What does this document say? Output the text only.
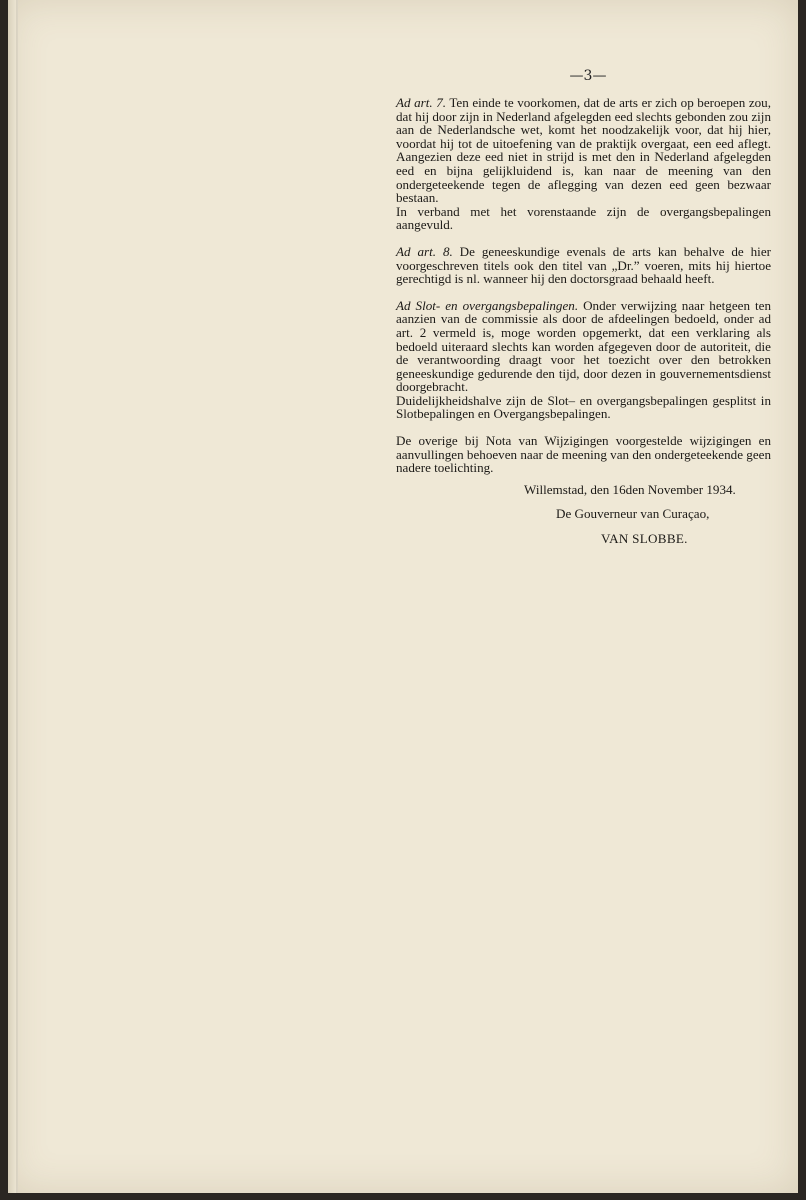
—3—

Ad art. 7. Ten einde te voorkomen, dat de arts er zich op beroepen zou, dat hij door zijn in Nederland afgelegden eed slechts gebonden zou zijn aan de Nederlandsche wet, komt het noodzakelijk voor, dat hij hier, voordat hij tot de uitoefening van de praktijk overgaat, een eed aflegt. Aangezien deze eed niet in strijd is met den in Nederland afgelegden eed en bijna gelijkluidend is, kan naar de meening van den ondergeteekende tegen de aflegging van dezen eed geen bezwaar bestaan.

In verband met het vorenstaande zijn de overgangsbepalingen aangevuld.

Ad art. 8. De geneeskundige evenals de arts kan behalve de hier voorgeschreven titels ook den titel van „Dr.” voeren, mits hij hiertoe gerechtigd is nl. wanneer hij den doctorsgraad behaald heeft.

Ad Slot- en overgangsbepalingen. Onder verwijzing naar hetgeen ten aanzien van de commissie als door de afdeelingen bedoeld, onder ad art. 2 vermeld is, moge worden opgemerkt, dat een verklaring als bedoeld uiteraard slechts kan worden afgegeven door de autoriteit, die de verantwoording draagt voor het toezicht over den betrokken geneeskundige gedurende den tijd, door dezen in gouvernementsdienst doorgebracht.

Duidelijkheidshalve zijn de Slot– en overgangsbepalingen gesplitst in Slotbepalingen en Overgangsbepalingen.

De overige bij Nota van Wijzigingen voorgestelde wijzigingen en aanvullingen behoeven naar de meening van den ondergeteekende geen nadere toelichting.

Willemstad, den 16den November 1934.

De Gouverneur van Curaçao,

VAN SLOBBE.
